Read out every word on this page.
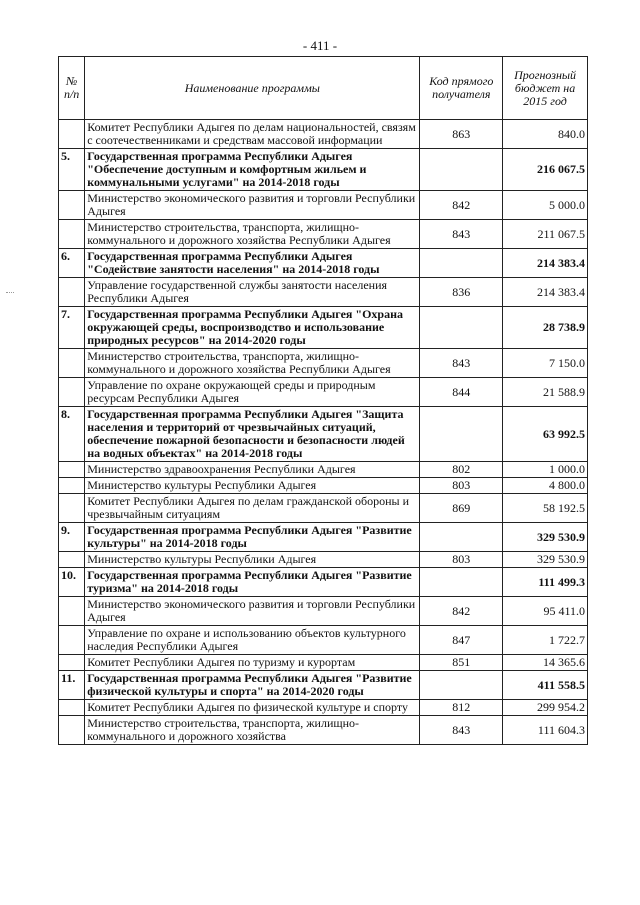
- 411 -
№ п/п	Наименование программы	Код прямого получателя	Прогнозный бюджет на 2015 год
	Комитет Республики Адыгея по делам национальностей, связям с соотечественниками и средствам массовой информации	863	840.0
5.	Государственная программа Республики Адыгея "Обеспечение доступным и комфортным жильем и коммунальными услугами" на 2014-2018 годы		216 067.5
	Министерство экономического развития и торговли Республики Адыгея	842	5 000.0
	Министерство строительства, транспорта, жилищно-коммунального и дорожного хозяйства Республики Адыгея	843	211 067.5
6.	Государственная программа Республики Адыгея "Содействие занятости населения" на 2014-2018 годы		214 383.4
	Управление государственной службы занятости населения Республики Адыгея	836	214 383.4
7.	Государственная программа Республики Адыгея "Охрана окружающей среды, воспроизводство и использование природных ресурсов" на 2014-2020 годы		28 738.9
	Министерство строительства, транспорта, жилищно-коммунального и дорожного хозяйства Республики Адыгея	843	7 150.0
	Управление по охране окружающей среды и природным ресурсам Республики Адыгея	844	21 588.9
8.	Государственная программа Республики Адыгея "Защита населения и территорий от чрезвычайных ситуаций, обеспечение пожарной безопасности и безопасности людей на водных объектах" на 2014-2018 годы		63 992.5
	Министерство здравоохранения Республики Адыгея	802	1 000.0
	Министерство культуры Республики Адыгея	803	4 800.0
	Комитет Республики Адыгея по делам гражданской обороны и чрезвычайным ситуациям	869	58 192.5
9.	Государственная программа Республики Адыгея "Развитие культуры" на 2014-2018 годы		329 530.9
	Министерство культуры Республики Адыгея	803	329 530.9
10.	Государственная программа Республики Адыгея "Развитие туризма" на 2014-2018 годы		111 499.3
	Министерство экономического развития и торговли Республики Адыгея	842	95 411.0
	Управление по охране и использованию объектов культурного наследия Республики Адыгея	847	1 722.7
	Комитет Республики Адыгея по туризму и курортам	851	14 365.6
11.	Государственная программа Республики Адыгея "Развитие физической культуры и спорта" на 2014-2020 годы		411 558.5
	Комитет Республики Адыгея по физической культуре и спорту	812	299 954.2
	Министерство строительства, транспорта, жилищно-коммунального и дорожного хозяйства	843	111 604.3
